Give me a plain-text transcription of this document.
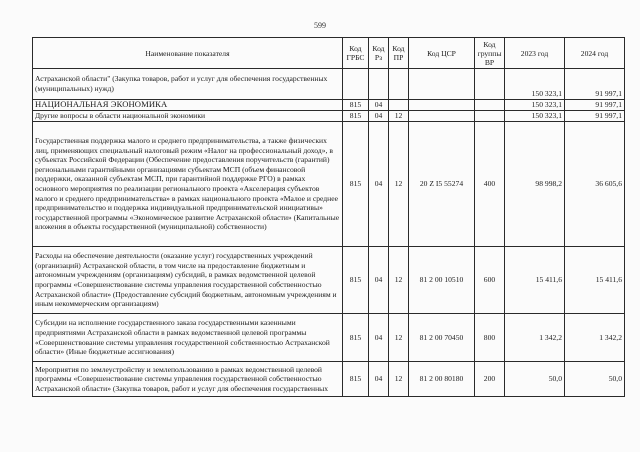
599
Наименование показателя	Код ГРБС	Код Рз	Код ПР	Код ЦСР	Код группы ВР	2023 год	2024 год
Астраханской области" (Закупка товаров, работ и услуг для обеспечения государственных (муниципальных) нужд)						150 323,1	91 997,1
НАЦИОНАЛЬНАЯ ЭКОНОМИКА	815	04				150 323,1	91 997,1
Другие вопросы в области национальной экономики	815	04	12			150 323,1	91 997,1
Государственная поддержка малого и среднего предпринимательства, а также физических лиц, применяющих специальный налоговый режим «Налог на профессиональный доход», в субъектах Российской Федерации (Обеспечение предоставления поручительств (гарантий) региональными гарантийными организациями субъектам МСП (объем финансовой поддержки, оказанной субъектам МСП, при гарантийной поддержке РГО) в рамках основного мероприятия по реализации регионального проекта «Акселерация субъектов малого и среднего предпринимательства» в рамках национального проекта «Малое и среднее предпринимательство и поддержка индивидуальной предпринимательской инициативы» государственной программы «Экономическое развитие Астраханской области» (Капитальные вложения в объекты государственной (муниципальной) собственности)	815	04	12	20 Z I5 55274	400	98 998,2	36 605,6
Расходы на обеспечение деятельности (оказание услуг) государственных учреждений (организаций) Астраханской области, в том числе на предоставление бюджетным и автономным учреждениям (организациям) субсидий, в рамках ведомственной целевой программы «Совершенствование системы управления государственной собственностью Астраханской области» (Предоставление субсидий бюджетным, автономным учреждениям и иным некоммерческим организациям)	815	04	12	81 2 00 10510	600	15 411,6	15 411,6
Субсидии на исполнение государственного заказа государственными казенными предприятиями Астраханской области в рамках ведомственной целевой программы «Совершенствование системы управления государственной собственностью Астраханской области» (Иные бюджетные ассигнования)	815	04	12	81 2 00 70450	800	1 342,2	1 342,2
Мероприятия по землеустройству и землепользованию в рамках ведомственной целевой программы «Совершенствование системы управления государственной собственностью Астраханской области» (Закупка товаров, работ и услуг для обеспечения государственных	815	04	12	81 2 00 80180	200	50,0	50,0
